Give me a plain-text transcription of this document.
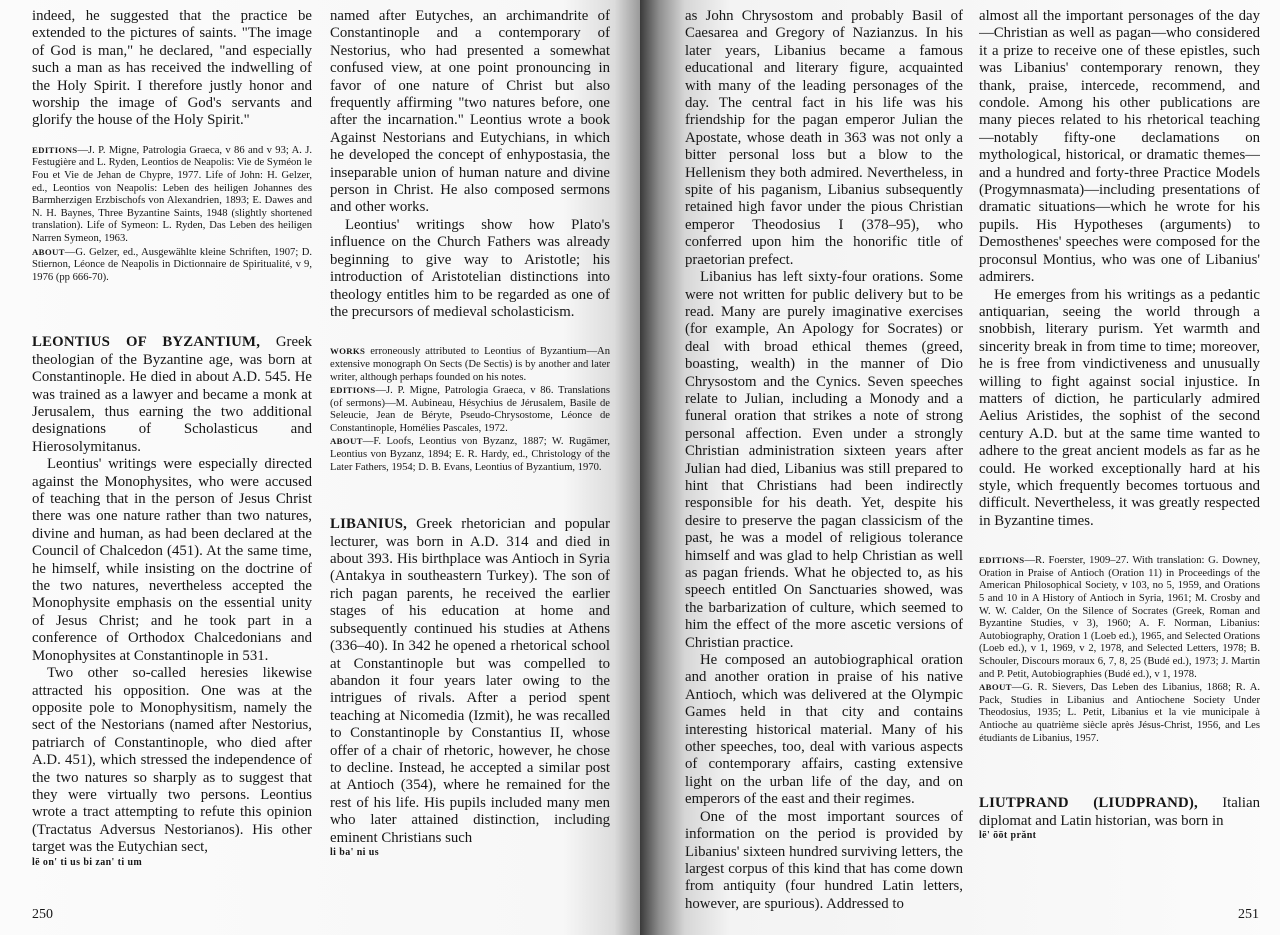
indeed, he suggested that the practice be extended to the pictures of saints. "The image of God is man," he declared, "and especially such a man as has received the indwelling of the Holy Spirit. I therefore justly honor and worship the image of God's servants and glorify the house of the Holy Spirit."

EDITIONS—J. P. Migne, Patrologia Graeca, v 86 and v 93; A. J. Festugière and L. Ryden, Leontios de Neapolis: Vie de Syméon le Fou et Vie de Jehan de Chypre, 1977. Life of John: H. Gelzer, ed., Leontios von Neapolis: Leben des heiligen Johannes des Barmherzigen Erzbischofs von Alexandrien, 1893; E. Dawes and N. H. Baynes, Three Byzantine Saints, 1948 (slightly shortened translation). Life of Symeon: L. Ryden, Das Leben des heiligen Narren Symeon, 1963.

ABOUT—G. Gelzer, ed., Ausgewählte kleine Schriften, 1907; D. Stiernon, Léonce de Neapolis in Dictionnaire de Spiritualité, v 9, 1976 (pp 666-70).

LEONTIUS OF BYZANTIUM, Greek theologian of the Byzantine age, was born at Constantinople. He died in about A.D. 545. He was trained as a lawyer and became a monk at Jerusalem, thus earning the two additional designations of Scholasticus and Hierosolymitanus.

Leontius' writings were especially directed against the Monophysites, who were accused of teaching that in the person of Jesus Christ there was one nature rather than two natures, divine and human, as had been declared at the Council of Chalcedon (451). At the same time, he himself, while insisting on the doctrine of the two natures, nevertheless accepted the Monophysite emphasis on the essential unity of Jesus Christ; and he took part in a conference of Orthodox Chalcedonians and Monophysites at Constantinople in 531.

Two other so-called heresies likewise attracted his opposition. One was at the opposite pole to Monophysitism, namely the sect of the Nestorians (named after Nestorius, patriarch of Constantinople, who died after A.D. 451), which stressed the independence of the two natures so sharply as to suggest that they were virtually two persons. Leontius wrote a tract attempting to refute this opinion (Tractatus Adversus Nestorianos). His other target was the Eutychian sect,

lē on' ti us bi zan' ti um

named after Eutyches, an archimandrite of Constantinople and a contemporary of Nestorius, who had presented a somewhat confused view, at one point pronouncing in favor of one nature of Christ but also frequently affirming "two natures before, one after the incarnation." Leontius wrote a book Against Nestorians and Eutychians, in which he developed the concept of enhypostasia, the inseparable union of human nature and divine person in Christ. He also composed sermons and other works.

Leontius' writings show how Plato's influence on the Church Fathers was already beginning to give way to Aristotle; his introduction of Aristotelian distinctions into theology entitles him to be regarded as one of the precursors of medieval scholasticism.

WORKS erroneously attributed to Leontius of Byzantium—An extensive monograph On Sects (De Sectis) is by another and later writer, although perhaps founded on his notes.

EDITIONS—J. P. Migne, Patrologia Graeca, v 86. Translations (of sermons)—M. Aubineau, Hésychius de Jérusalem, Basile de Seleucie, Jean de Béryte, Pseudo-Chrysostome, Léonce de Constantinople, Homélies Pascales, 1972.

ABOUT—F. Loofs, Leontius von Byzanz, 1887; W. Rugämer, Leontius von Byzanz, 1894; E. R. Hardy, ed., Christology of the Later Fathers, 1954; D. B. Evans, Leontius of Byzantium, 1970.

LIBANIUS, Greek rhetorician and popular lecturer, was born in A.D. 314 and died in about 393. His birthplace was Antioch in Syria (Antakya in southeastern Turkey). The son of rich pagan parents, he received the earlier stages of his education at home and subsequently continued his studies at Athens (336–40). In 342 he opened a rhetorical school at Constantinople but was compelled to abandon it four years later owing to the intrigues of rivals. After a period spent teaching at Nicomedia (Izmit), he was recalled to Constantinople by Constantius II, whose offer of a chair of rhetoric, however, he chose to decline. Instead, he accepted a similar post at Antioch (354), where he remained for the rest of his life. His pupils included many men who later attained distinction, including eminent Christians such

li ba' ni us

250

as John Chrysostom and probably Basil of Caesarea and Gregory of Nazianzus. In his later years, Libanius became a famous educational and literary figure, acquainted with many of the leading personages of the day. The central fact in his life was his friendship for the pagan emperor Julian the Apostate, whose death in 363 was not only a bitter personal loss but a blow to the Hellenism they both admired. Nevertheless, in spite of his paganism, Libanius subsequently retained high favor under the pious Christian emperor Theodosius I (378–95), who conferred upon him the honorific title of praetorian prefect.

Libanius has left sixty-four orations. Some were not written for public delivery but to be read. Many are purely imaginative exercises (for example, An Apology for Socrates) or deal with broad ethical themes (greed, boasting, wealth) in the manner of Dio Chrysostom and the Cynics. Seven speeches relate to Julian, including a Monody and a funeral oration that strikes a note of strong personal affection. Even under a strongly Christian administration sixteen years after Julian had died, Libanius was still prepared to hint that Christians had been indirectly responsible for his death. Yet, despite his desire to preserve the pagan classicism of the past, he was a model of religious tolerance himself and was glad to help Christian as well as pagan friends. What he objected to, as his speech entitled On Sanctuaries showed, was the barbarization of culture, which seemed to him the effect of the more ascetic versions of Christian practice.

He composed an autobiographical oration and another oration in praise of his native Antioch, which was delivered at the Olympic Games held in that city and contains interesting historical material. Many of his other speeches, too, deal with various aspects of contemporary affairs, casting extensive light on the urban life of the day, and on emperors of the east and their regimes.

One of the most important sources of information on the period is provided by Libanius' sixteen hundred surviving letters, the largest corpus of this kind that has come down from antiquity (four hundred Latin letters, however, are spurious). Addressed to

almost all the important personages of the day—Christian as well as pagan—who considered it a prize to receive one of these epistles, such was Libanius' contemporary renown, they thank, praise, intercede, recommend, and condole. Among his other publications are many pieces related to his rhetorical teaching—notably fifty-one declamations on mythological, historical, or dramatic themes—and a hundred and forty-three Practice Models (Progymnasmata)—including presentations of dramatic situations—which he wrote for his pupils. His Hypotheses (arguments) to Demosthenes' speeches were composed for the proconsul Montius, who was one of Libanius' admirers.

He emerges from his writings as a pedantic antiquarian, seeing the world through a snobbish, literary purism. Yet warmth and sincerity break in from time to time; moreover, he is free from vindictiveness and unusually willing to fight against social injustice. In matters of diction, he particularly admired Aelius Aristides, the sophist of the second century A.D. but at the same time wanted to adhere to the great ancient models as far as he could. He worked exceptionally hard at his style, which frequently becomes tortuous and difficult. Nevertheless, it was greatly respected in Byzantine times.

EDITIONS—R. Foerster, 1909–27. With translation: G. Downey, Oration in Praise of Antioch (Oration 11) in Proceedings of the American Philosophical Society, v 103, no 5, 1959, and Orations 5 and 10 in A History of Antioch in Syria, 1961; M. Crosby and W. W. Calder, On the Silence of Socrates (Greek, Roman and Byzantine Studies, v 3), 1960; A. F. Norman, Libanius: Autobiography, Oration 1 (Loeb ed.), 1965, and Selected Orations (Loeb ed.), v 1, 1969, v 2, 1978, and Selected Letters, 1978; B. Schouler, Discours moraux 6, 7, 8, 25 (Budé ed.), 1973; J. Martin and P. Petit, Autobiographies (Budé ed.), v 1, 1978.

ABOUT—G. R. Sievers, Das Leben des Libanius, 1868; R. A. Pack, Studies in Libanius and Antiochene Society Under Theodosius, 1935; L. Petit, Libanius et la vie municipale à Antioche au quatrième siècle après Jésus-Christ, 1956, and Les étudiants de Libanius, 1957.

LIUTPRAND (LIUDPRAND), Italian diplomat and Latin historian, was born in

lē' ōōt prănt

251
